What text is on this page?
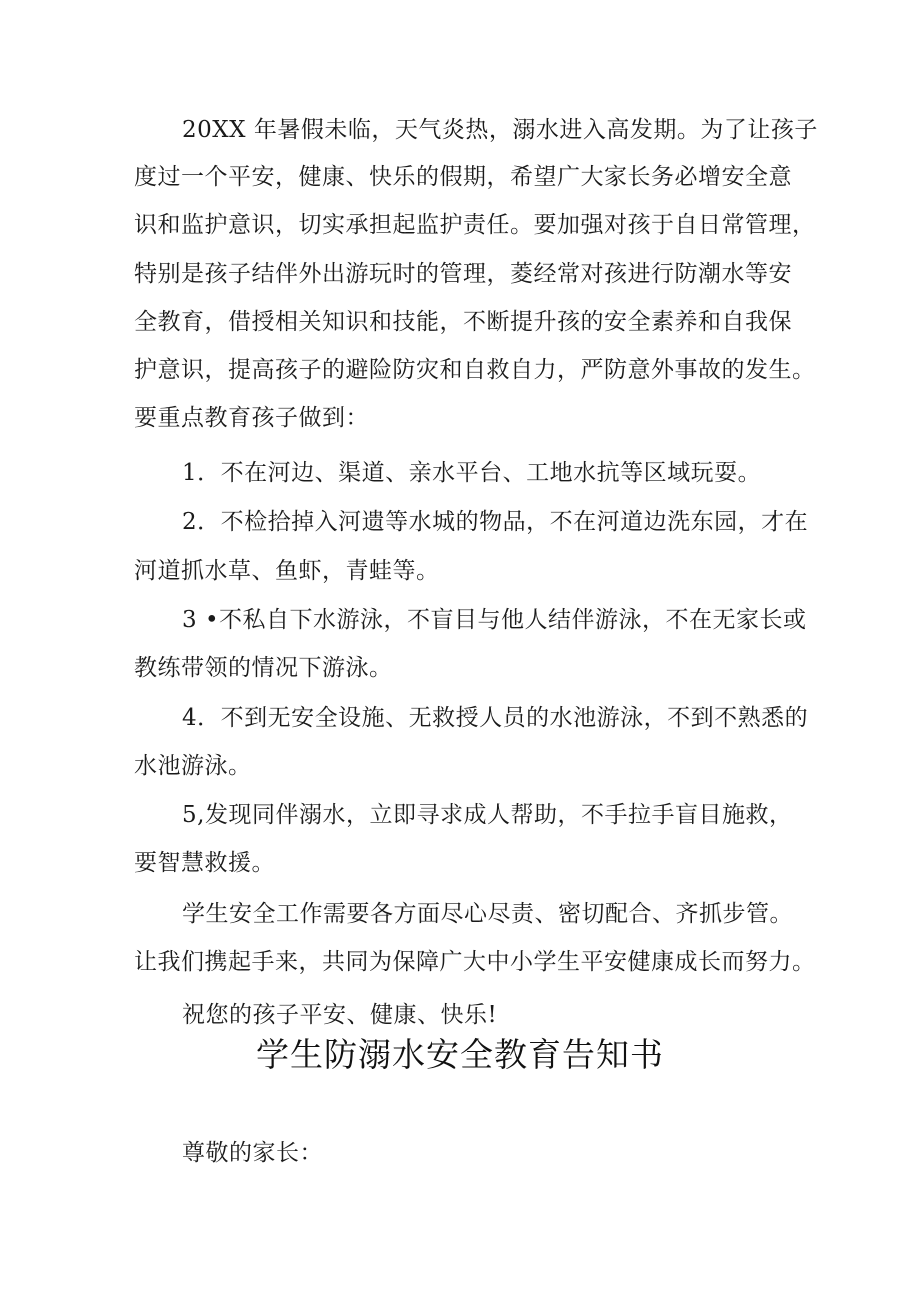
20XX 年暑假未临，天气炎热，溺水进入高发期。为了让孩子
度过一个平安，健康、快乐的假期，希望广大家长务必增安全意
识和监护意识，切实承担起监护责任。要加强对孩于自日常管理，
特别是孩子结伴外出游玩时的管理，菱经常对孩进行防潮水等安
全教育，借授相关知识和技能，不断提升孩的安全素养和自我保
护意识，提高孩子的避险防灾和自救自力，严防意外事故的发生。
要重点教育孩子做到：
1．不在河边、渠道、亲水平台、工地水抗等区域玩耍。
2．不检拾掉入河遗等水城的物品，不在河道边洗东园，才在
河道抓水草、鱼虾，青蛙等。
3 •不私自下水游泳，不盲目与他人结伴游泳，不在无家长或
教练带领的情况下游泳。
4．不到无安全设施、无救授人员的水池游泳，不到不熟悉的
水池游泳。
5,发现同伴溺水，立即寻求成人帮助，不手拉手盲目施救，
要智慧救援。
学生安全工作需要各方面尽心尽责、密切配合、齐抓步管。
让我们携起手来，共同为保障广大中小学生平安健康成长而努力。
祝您的孩子平安、健康、快乐!
学生防溺水安全教育告知书
尊敬的家长：
